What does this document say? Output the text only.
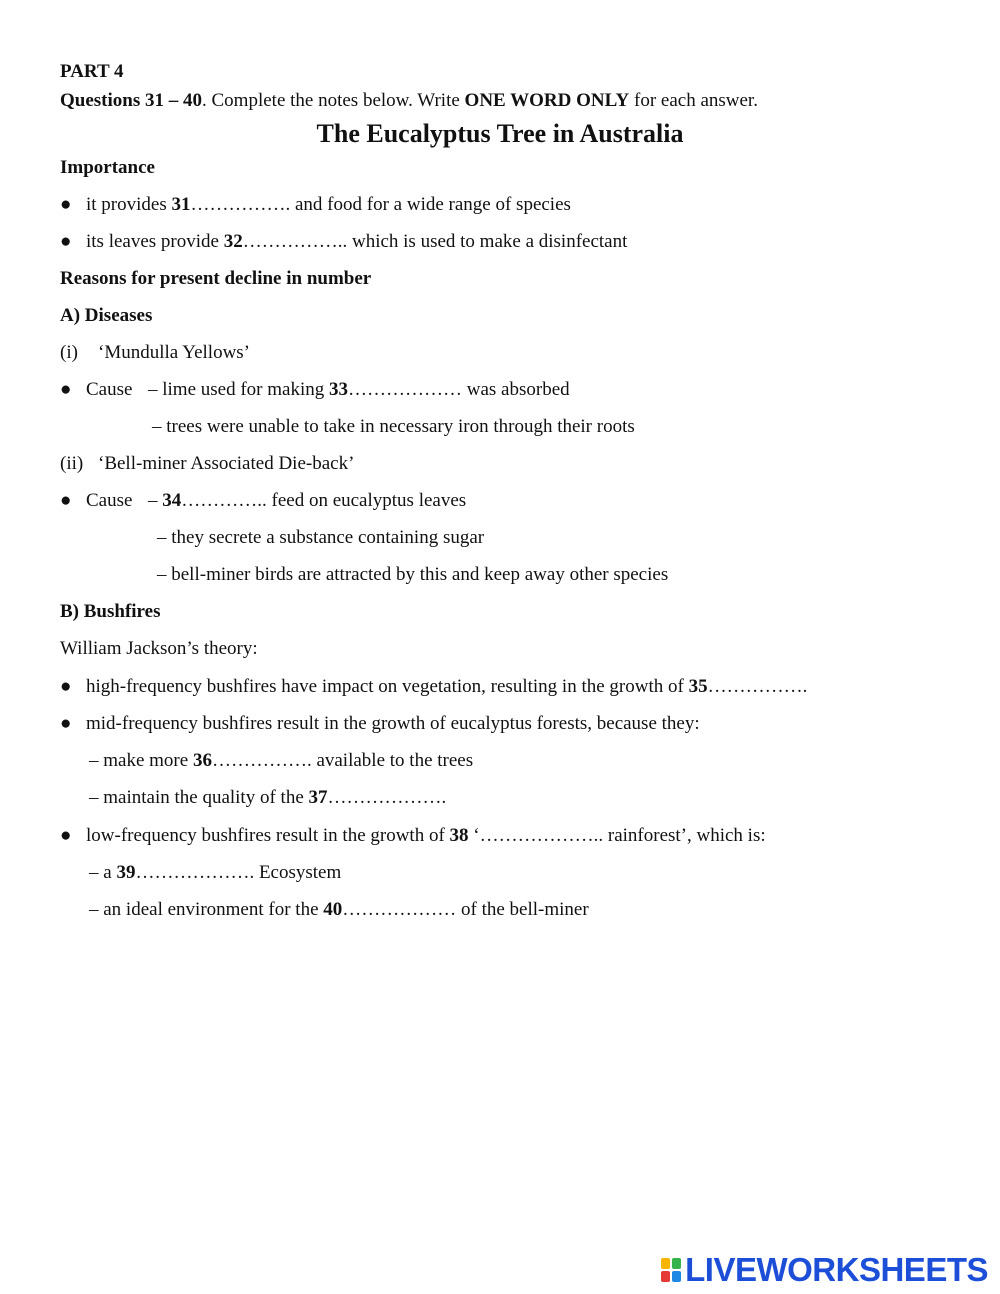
PART 4
Questions 31 – 40. Complete the notes below. Write ONE WORD ONLY for each answer.
The Eucalyptus Tree in Australia
Importance
● it provides 31……………. and food for a wide range of species
● its leaves provide 32…………….. which is used to make a disinfectant
Reasons for present decline in number
A) Diseases
(i) ‘Mundulla Yellows’
● Cause – lime used for making 33……………… was absorbed
– trees were unable to take in necessary iron through their roots
(ii) ‘Bell-miner Associated Die-back’
● Cause – 34………….. feed on eucalyptus leaves
– they secrete a substance containing sugar
– bell-miner birds are attracted by this and keep away other species
B) Bushfires
William Jackson’s theory:
● high-frequency bushfires have impact on vegetation, resulting in the growth of 35…………….
● mid-frequency bushfires result in the growth of eucalyptus forests, because they:
– make more 36……………. available to the trees
– maintain the quality of the 37……………….
● low-frequency bushfires result in the growth of 38 ‘……………….. rainforest’, which is:
– a 39………………. Ecosystem
– an ideal environment for the 40……………… of the bell-miner
LIVEWORKSHEETS
